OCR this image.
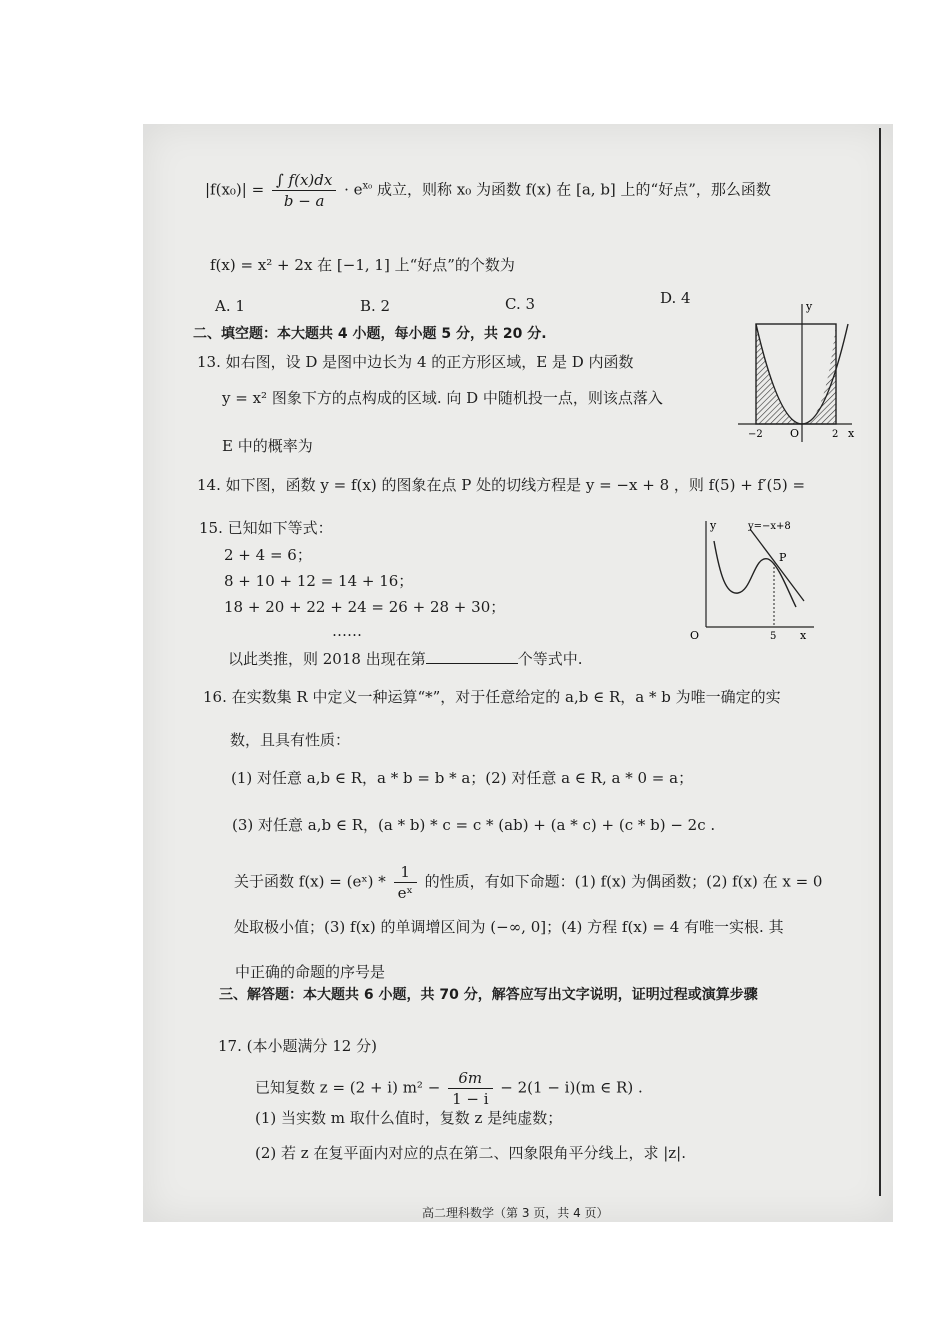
$|f(x_0)| = \frac{\int f(x)dx}{b - a} \cdot e^{x_0}$ 成立，则称 x₀ 为函数 f(x) 在 [a, b] 上的“好点”，那么函数
f(x) = x² + 2x 在 [−1, 1] 上“好点”的个数为
A. 1	B. 2	C. 3	D. 4
二、填空题：本大题共 4 小题，每小题 5 分，共 20 分.
13. 如右图，设 D 是图中边长为 4 的正方形区域，E 是 D 内函数
y = x² 图象下方的点构成的区域. 向 D 中随机投一点，则该点落入
E 中的概率为
y
−2 O	2 x
14. 如下图，函数 y = f(x) 的图象在点 P 处的切线方程是 y = −x + 8 ，则 f(5) + f′(5) =
15. 已知如下等式：
2 + 4 = 6；
8 + 10 + 12 = 14 + 16；
18 + 20 + 22 + 24 = 26 + 28 + 30；
……
以此类推，则 2018 出现在第	个等式中.
y	y=−x+8
P
O	5 x
16. 在实数集 R 中定义一种运算“*”，对于任意给定的 a,b ∈ R，a * b 为唯一确定的实
数，且具有性质：
(1) 对任意 a,b ∈ R，a * b = b * a；(2) 对任意 a ∈ R, a * 0 = a；
(3) 对任意 a,b ∈ R，(a * b) * c = c * (ab) + (a * c) + (c * b) − 2c .
关于函数 f(x) = (eˣ) * $\frac{1}{\text{eˣ}}$ 的性质，有如下命题：(1) f(x) 为偶函数；(2) f(x) 在 x = 0
处取极小值；(3) f(x) 的单调增区间为 (−∞, 0]；(4) 方程 f(x) = 4 有唯一实根. 其
中正确的命题的序号是
三、解答题：本大题共 6 小题，共 70 分，解答应写出文字说明，证明过程或演算步骤
17. (本小题满分 12 分)
已知复数 z = (2 + i) $m^2 - \frac{6m}{1 - i} - 2(1 - i)(m$ ∈ R) .
(1) 当实数 m 取什么值时，复数 z 是纯虚数；
(2) 若 z 在复平面内对应的点在第二、四象限角平分线上，求 |z|.
高二理科数学（第 3 页，共 4 页）
